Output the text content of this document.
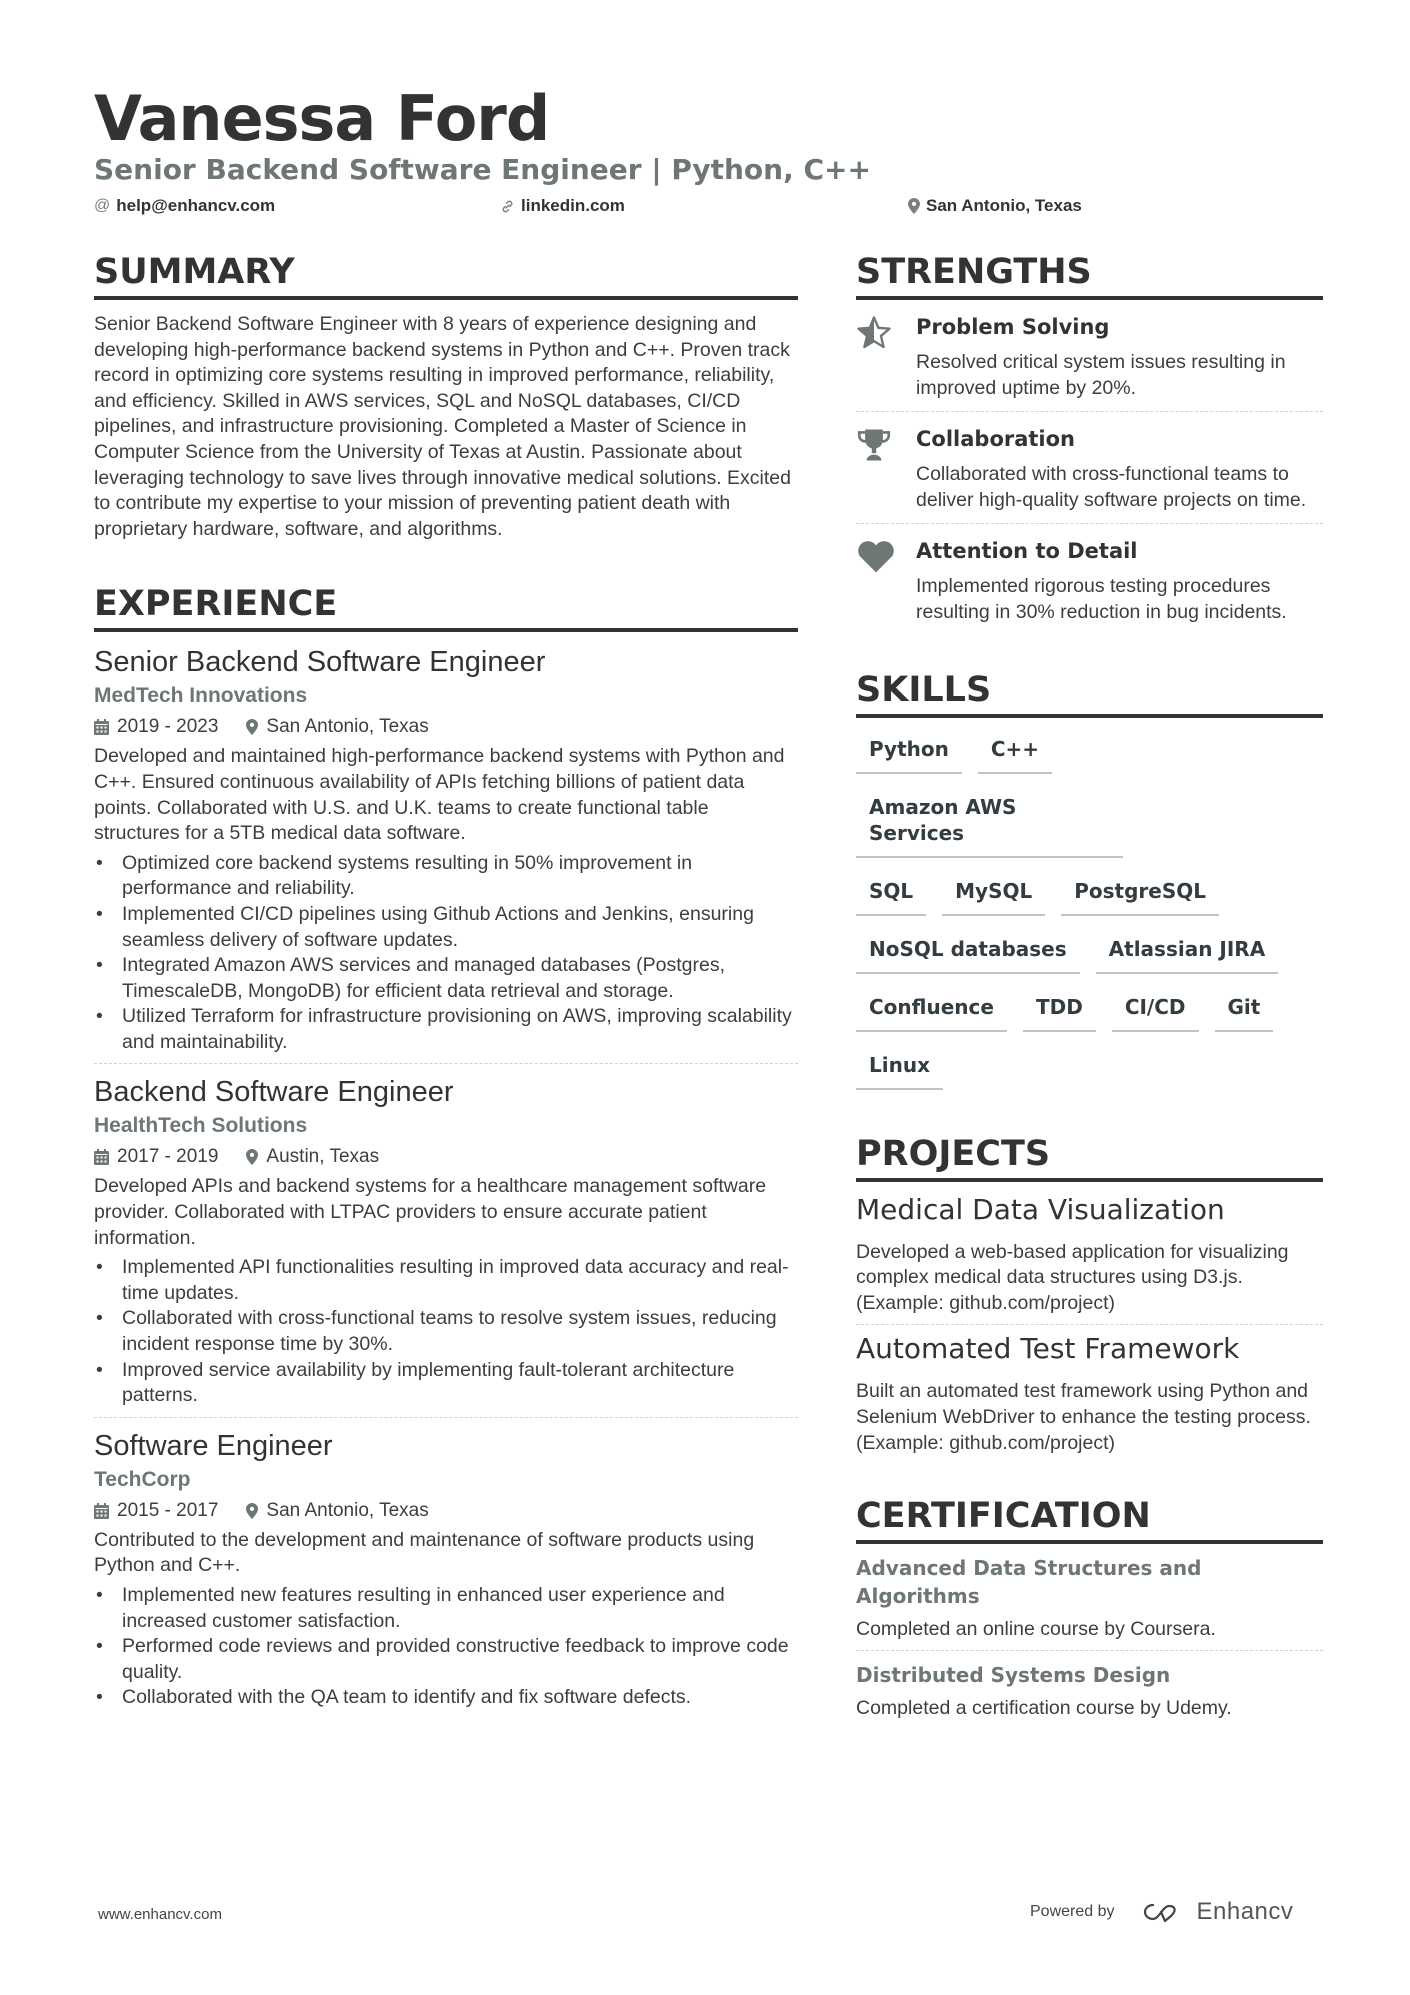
Vanessa Ford
Senior Backend Software Engineer | Python, C++
@ help@enhancv.com	linkedin.com	San Antonio, Texas
SUMMARY

Senior Backend Software Engineer with 8 years of experience designing and developing high-performance backend systems in Python and C++. Proven track record in optimizing core systems resulting in improved performance, reliability, and efficiency. Skilled in AWS services, SQL and NoSQL databases, CI/CD pipelines, and infrastructure provisioning. Completed a Master of Science in Computer Science from the University of Texas at Austin. Passionate about leveraging technology to save lives through innovative medical solutions. Excited to contribute my expertise to your mission of preventing patient death with proprietary hardware, software, and algorithms.

EXPERIENCE
Senior Backend Software Engineer
MedTech Innovations
2019 - 2023	San Antonio, Texas

Developed and maintained high-performance backend systems with Python and C++. Ensured continuous availability of APIs fetching billions of patient data points. Collaborated with U.S. and U.K. teams to create functional table structures for a 5TB medical data software.

• Optimized core backend systems resulting in 50% improvement in performance and reliability.
• Implemented CI/CD pipelines using Github Actions and Jenkins, ensuring seamless delivery of software updates.
• Integrated Amazon AWS services and managed databases (Postgres, TimescaleDB, MongoDB) for efficient data retrieval and storage.
• Utilized Terraform for infrastructure provisioning on AWS, improving scalability and maintainability.
Backend Software Engineer
HealthTech Solutions
2017 - 2019	Austin, Texas

Developed APIs and backend systems for a healthcare management software provider. Collaborated with LTPAC providers to ensure accurate patient information.

• Implemented API functionalities resulting in improved data accuracy and real-time updates.
• Collaborated with cross-functional teams to resolve system issues, reducing incident response time by 30%.
• Improved service availability by implementing fault-tolerant architecture patterns.
Software Engineer
TechCorp
2015 - 2017	San Antonio, Texas

Contributed to the development and maintenance of software products using Python and C++.

• Implemented new features resulting in enhanced user experience and increased customer satisfaction.
• Performed code reviews and provided constructive feedback to improve code quality.
• Collaborated with the QA team to identify and fix software defects.
STRENGTHS
Problem Solving
Resolved critical system issues resulting in improved uptime by 20%.
Collaboration
Collaborated with cross-functional teams to deliver high-quality software projects on time.
Attention to Detail
Implemented rigorous testing procedures resulting in 30% reduction in bug incidents.
SKILLS
Python	C++
Amazon AWS Services
SQL	MySQL	PostgreSQL
NoSQL databases	Atlassian JIRA
Confluence	TDD	CI/CD	Git
Linux
PROJECTS
Medical Data Visualization
Developed a web-based application for visualizing complex medical data structures using D3.js. (Example: github.com/project)
Automated Test Framework
Built an automated test framework using Python and Selenium WebDriver to enhance the testing process. (Example: github.com/project)
CERTIFICATION
Advanced Data Structures and Algorithms
Completed an online course by Coursera.
Distributed Systems Design
Completed a certification course by Udemy.
www.enhancv.com	Powered by	Enhancv
